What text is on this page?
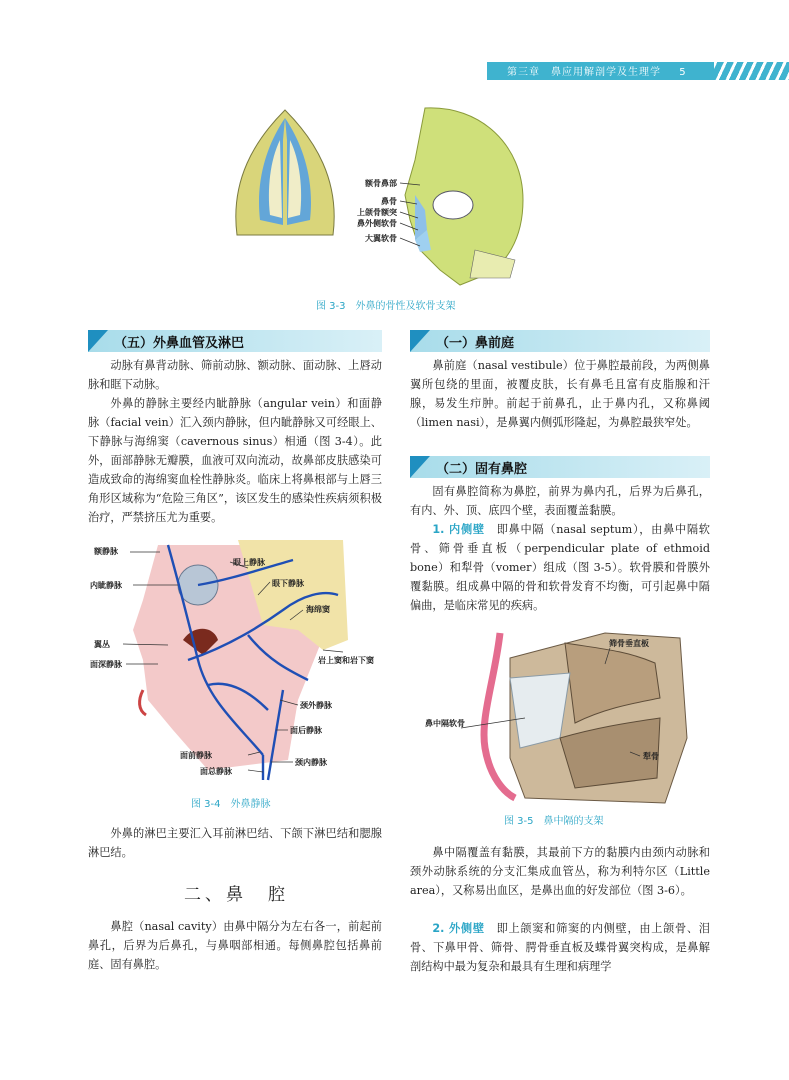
第三章　鼻应用解剖学及生理学 5
额骨鼻部
鼻骨
上颌骨额突
鼻外侧软骨
大翼软骨
图 3-3　外鼻的骨性及软骨支架
（五）外鼻血管及淋巴

动脉有鼻背动脉、筛前动脉、额动脉、面动脉、上唇动脉和眶下动脉。

外鼻的静脉主要经内眦静脉（angular vein）和面静脉（facial vein）汇入颈内静脉，但内眦静脉又可经眼上、下静脉与海绵窦（cavernous sinus）相通（图 3-4）。此外，面部静脉无瓣膜，血液可双向流动，故鼻部皮肤感染可造成致命的海绵窦血栓性静脉炎。临床上将鼻根部与上唇三角形区域称为“危险三角区”，该区发生的感染性疾病须积极治疗，严禁挤压尤为重要。

额静脉
眼上静脉
内眦静脉	眼下静脉
海绵窦
翼丛
面深静脉	岩上窦和岩下窦
颈外静脉
面后静脉
面前静脉
颈内静脉
面总静脉
图 3-4　外鼻静脉

外鼻的淋巴主要汇入耳前淋巴结、下颌下淋巴结和腮腺淋巴结。

二、鼻　腔

鼻腔（nasal cavity）由鼻中隔分为左右各一，前起前鼻孔，后界为后鼻孔，与鼻咽部相通。每侧鼻腔包括鼻前庭、固有鼻腔。

（一）鼻前庭

鼻前庭（nasal vestibule）位于鼻腔最前段，为两侧鼻翼所包绕的里面，被覆皮肤，长有鼻毛且富有皮脂腺和汗腺，易发生疖肿。前起于前鼻孔，止于鼻内孔，又称鼻阈（limen nasi），是鼻翼内侧弧形隆起，为鼻腔最狭窄处。

（二）固有鼻腔

固有鼻腔简称为鼻腔，前界为鼻内孔，后界为后鼻孔，有内、外、顶、底四个壁，表面覆盖黏膜。

1. 内侧壁　即鼻中隔（nasal septum），由鼻中隔软骨、筛骨垂直板（perpendicular plate of ethmoid bone）和犁骨（vomer）组成（图 3-5）。软骨膜和骨膜外覆黏膜。组成鼻中隔的骨和软骨发育不均衡，可引起鼻中隔偏曲，是临床常见的疾病。

筛骨垂直板
鼻中隔软骨
犁骨
图 3-5　鼻中隔的支架

鼻中隔覆盖有黏膜，其最前下方的黏膜内由颈内动脉和颈外动脉系统的分支汇集成血管丛，称为利特尔区（Little area），又称易出血区，是鼻出血的好发部位（图 3-6）。

2. 外侧壁　即上颌窦和筛窦的内侧壁，由上颌骨、泪骨、下鼻甲骨、筛骨、腭骨垂直板及蝶骨翼突构成，是鼻解剖结构中最为复杂和最具有生理和病理学
